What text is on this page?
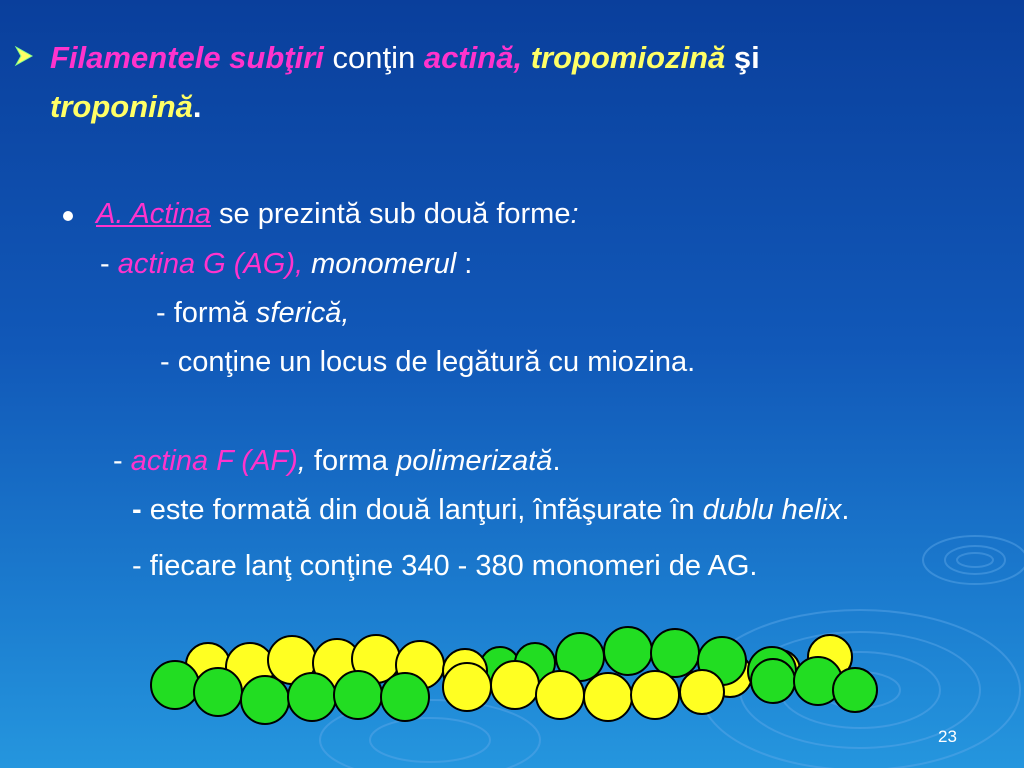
Filamentele subţiri conţin actină, tropomiozină şi
troponină.
A. Actina se prezintă sub două forme:
- actina G (AG), monomerul :
- formă sferică,
- conţine un locus de legătură cu miozina.
- actina F (AF), forma polimerizată.
- este formată din două lanţuri, înfăşurate în dublu helix.
- fiecare lanţ conţine 340 - 380 monomeri de AG.
23
